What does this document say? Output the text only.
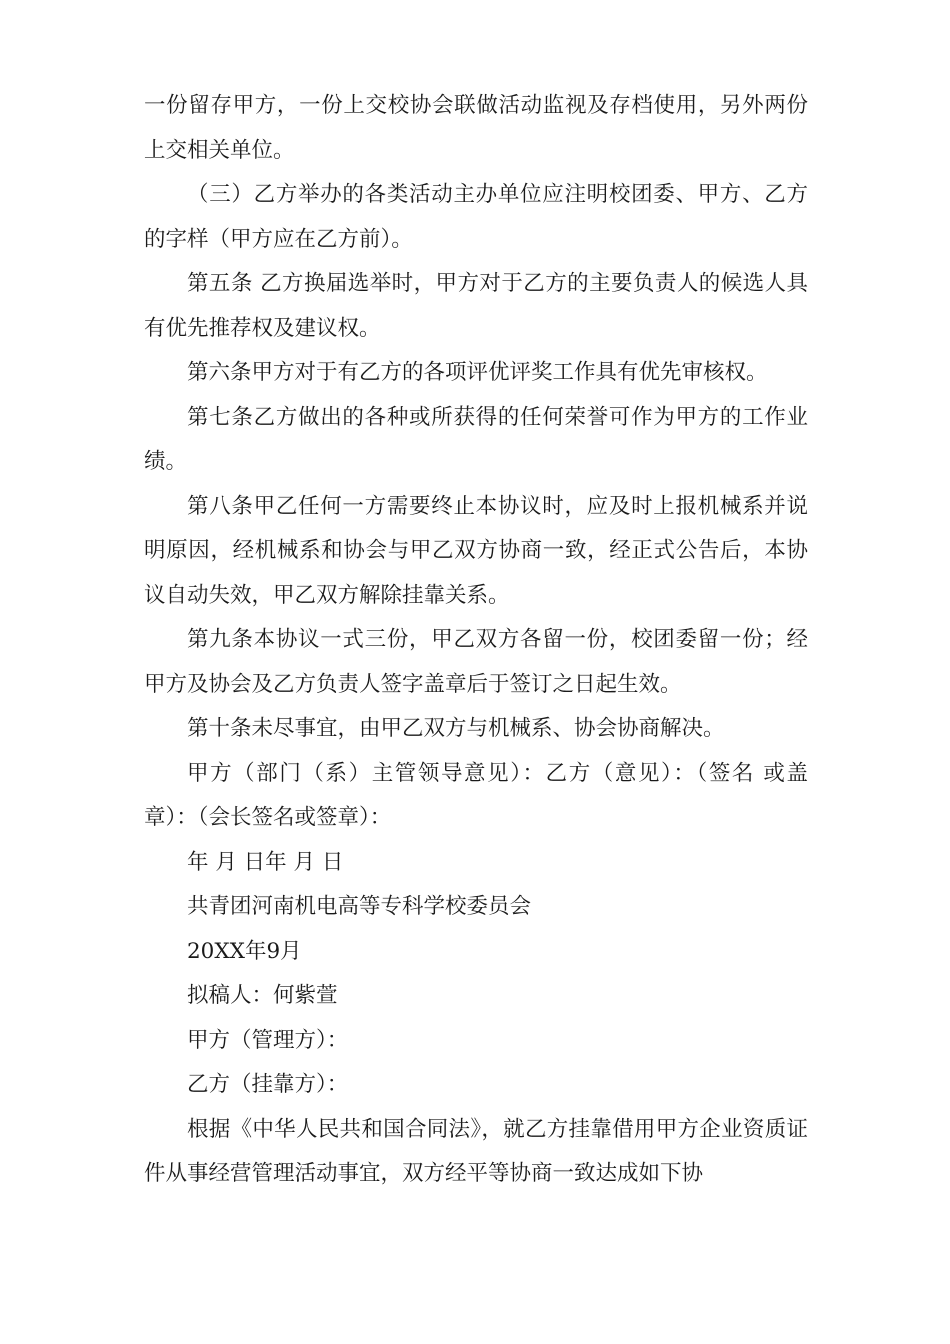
一份留存甲方，一份上交校协会联做活动监视及存档使用，另外两份上交相关单位。

（三）乙方举办的各类活动主办单位应注明校团委、甲方、乙方的字样（甲方应在乙方前）。

第五条 乙方换届选举时，甲方对于乙方的主要负责人的候选人具有优先推荐权及建议权。

第六条甲方对于有乙方的各项评优评奖工作具有优先审核权。

第七条乙方做出的各种或所获得的任何荣誉可作为甲方的工作业绩。

第八条甲乙任何一方需要终止本协议时，应及时上报机械系并说明原因，经机械系和协会与甲乙双方协商一致，经正式公告后，本协议自动失效，甲乙双方解除挂靠关系。

第九条本协议一式三份，甲乙双方各留一份，校团委留一份；经甲方及协会及乙方负责人签字盖章后于签订之日起生效。

第十条未尽事宜，由甲乙双方与机械系、协会协商解决。

甲方（部门（系）主管领导意见）：乙方（意见）：（签名 或盖章）：（会长签名或签章）：

年 月 日年 月 日

共青团河南机电高等专科学校委员会

20XX年9月

拟稿人：何紫萱

甲方（管理方）：

乙方（挂靠方）：

根据《中华人民共和国合同法》，就乙方挂靠借用甲方企业资质证件从事经营管理活动事宜，双方经平等协商一致达成如下协
